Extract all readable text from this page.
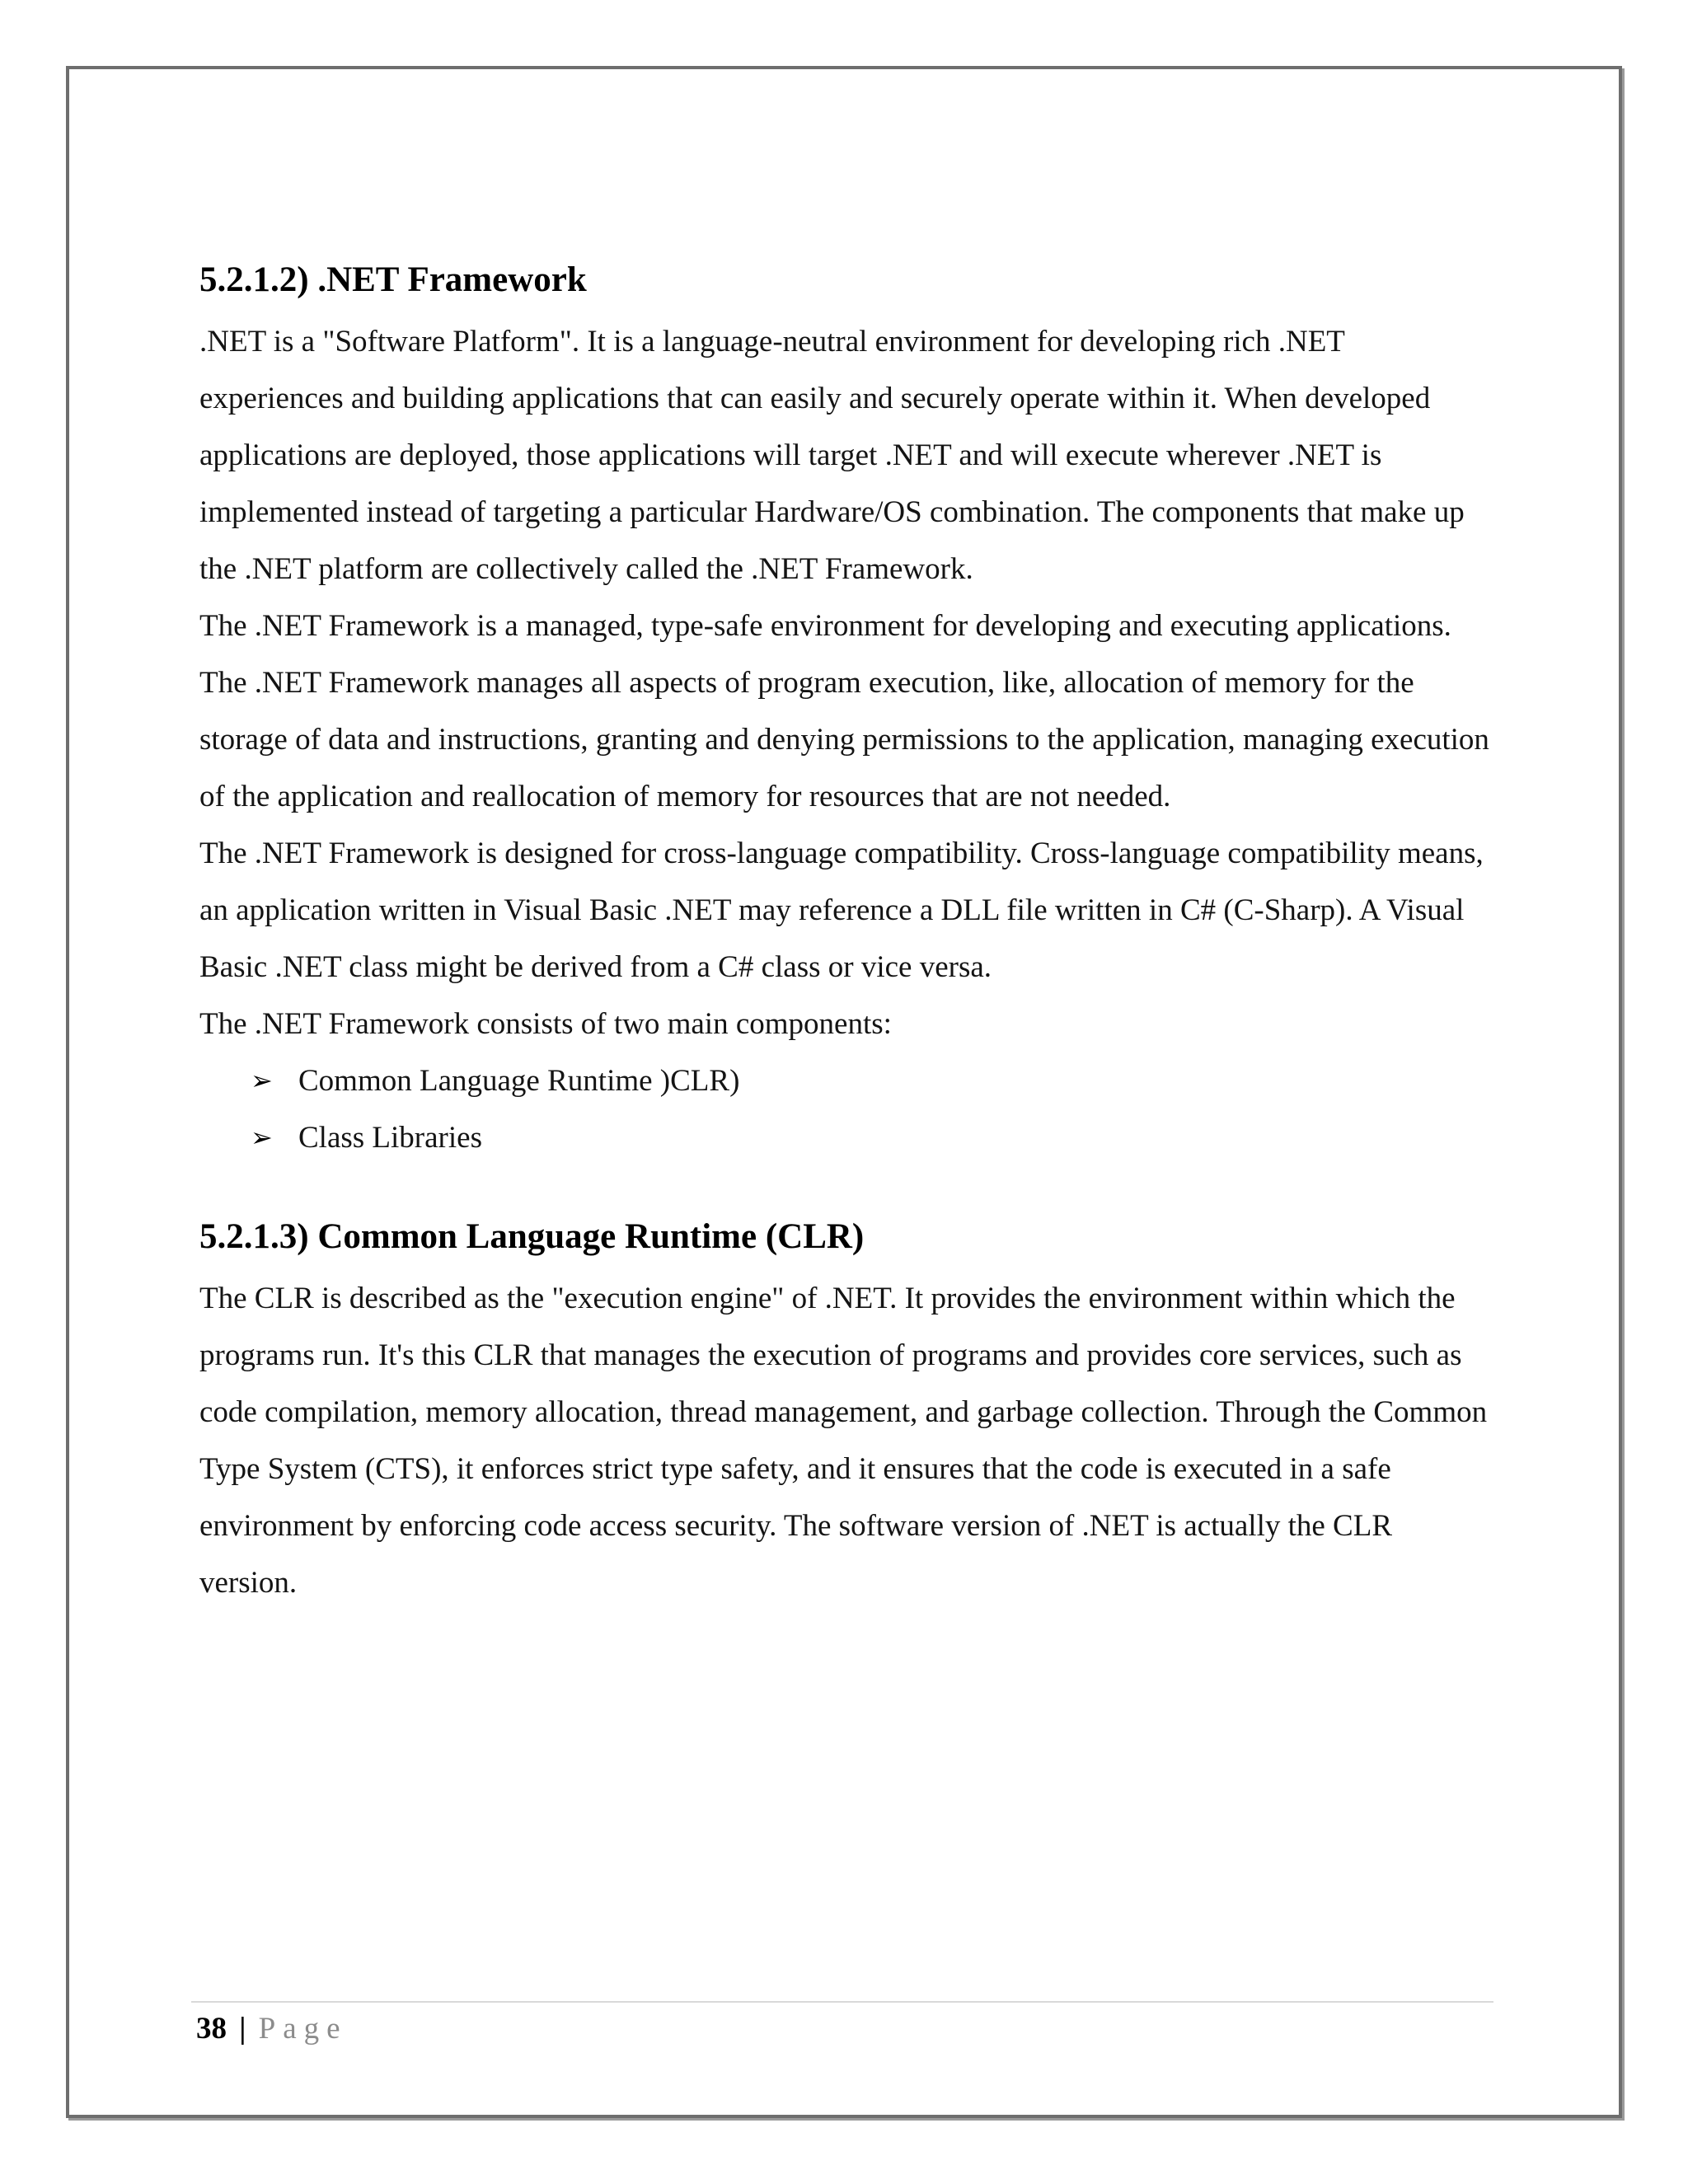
5.2.1.2) .NET Framework

.NET is a "Software Platform". It is a language-neutral environment for developing rich .NET experiences and building applications that can easily and securely operate within it. When developed applications are deployed, those applications will target .NET and will execute wherever .NET is implemented instead of targeting a particular Hardware/OS combination. The components that make up the .NET platform are collectively called the .NET Framework.

The .NET Framework is a managed, type-safe environment for developing and executing applications. The .NET Framework manages all aspects of program execution, like, allocation of memory for the storage of data and instructions, granting and denying permissions to the application, managing execution of the application and reallocation of memory for resources that are not needed.

The .NET Framework is designed for cross-language compatibility. Cross-language compatibility means, an application written in Visual Basic .NET may reference a DLL file written in C# (C-Sharp). A Visual Basic .NET class might be derived from a C# class or vice versa.

The .NET Framework consists of two main components:

➢ Common Language Runtime )CLR)
➢ Class Libraries
5.2.1.3) Common Language Runtime (CLR)

The CLR is described as the "execution engine" of .NET. It provides the environment within which the programs run. It's this CLR that manages the execution of programs and provides core services, such as code compilation, memory allocation, thread management, and garbage collection. Through the Common Type System (CTS), it enforces strict type safety, and it ensures that the code is executed in a safe environment by enforcing code access security. The software version of .NET is actually the CLR version.

38 | Page
